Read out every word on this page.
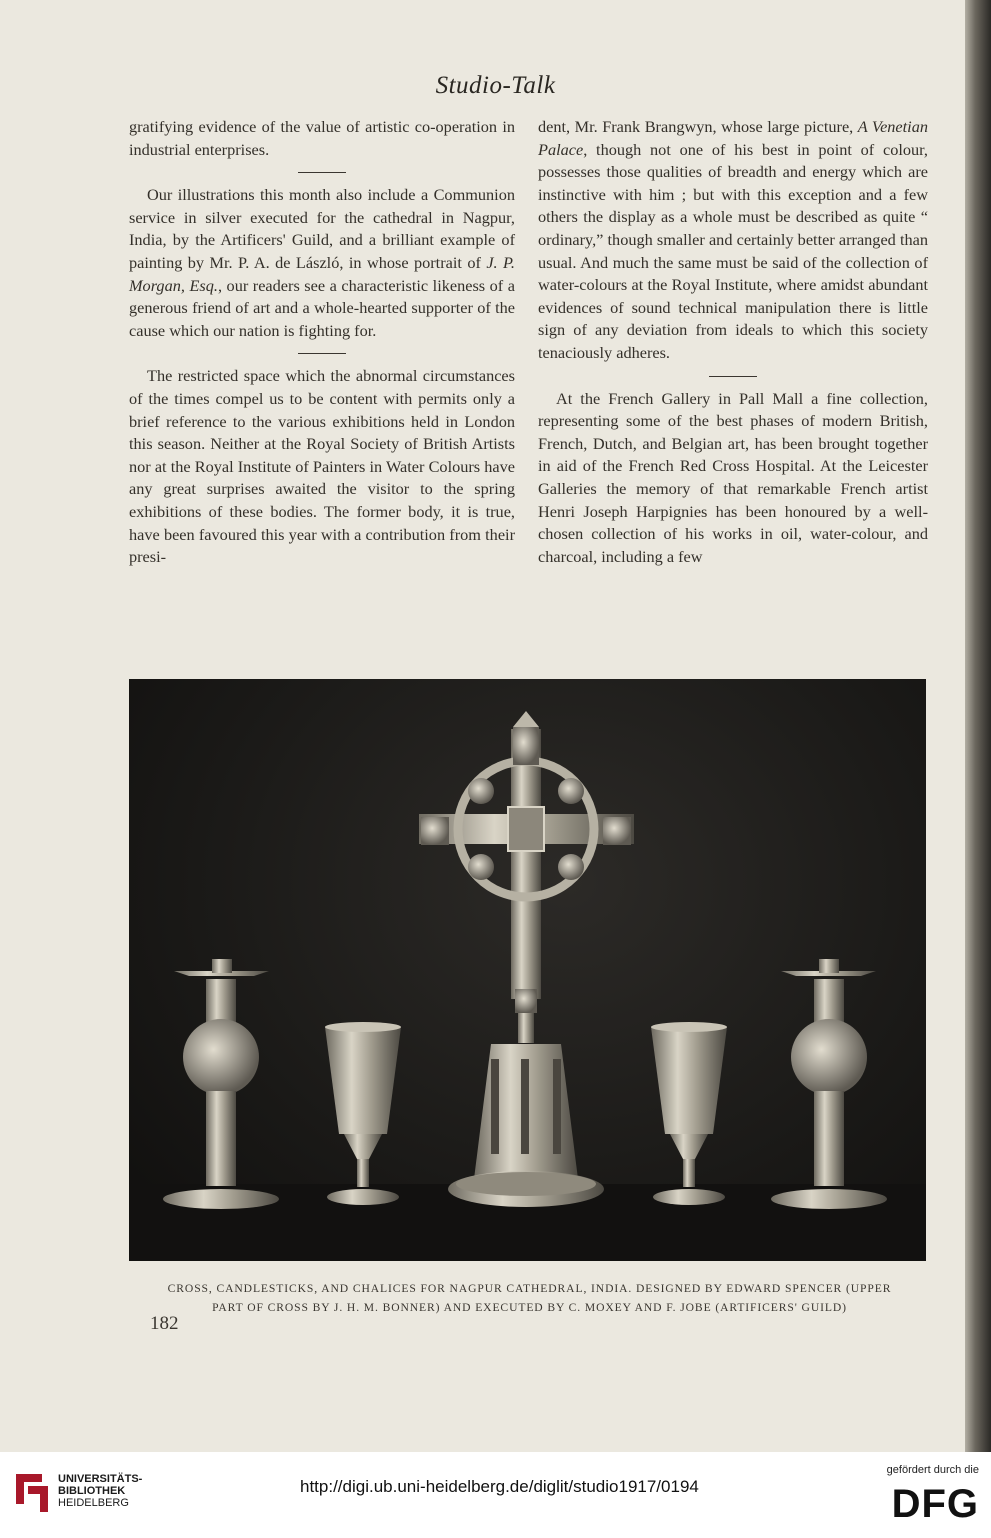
Studio-Talk

gratifying evidence of the value of artistic co-operation in industrial enterprises.

Our illustrations this month also include a Communion service in silver executed for the cathedral in Nagpur, India, by the Artificers' Guild, and a brilliant example of painting by Mr. P. A. de László, in whose portrait of J. P. Morgan, Esq., our readers see a characteristic likeness of a generous friend of art and a whole-hearted supporter of the cause which our nation is fighting for.

The restricted space which the abnormal circumstances of the times compel us to be content with permits only a brief reference to the various exhibitions held in London this season. Neither at the Royal Society of British Artists nor at the Royal Institute of Painters in Water Colours have any great surprises awaited the visitor to the spring exhibitions of these bodies. The former body, it is true, have been favoured this year with a contribution from their presi-

dent, Mr. Frank Brangwyn, whose large picture, A Venetian Palace, though not one of his best in point of colour, possesses those qualities of breadth and energy which are instinctive with him ; but with this exception and a few others the display as a whole must be described as quite “ ordinary,” though smaller and certainly better arranged than usual. And much the same must be said of the collection of water-colours at the Royal Institute, where amidst abundant evidences of sound technical manipulation there is little sign of any deviation from ideals to which this society tenaciously adheres.

At the French Gallery in Pall Mall a fine collection, representing some of the best phases of modern British, French, Dutch, and Belgian art, has been brought together in aid of the French Red Cross Hospital. At the Leicester Galleries the memory of that remarkable French artist Henri Joseph Harpignies has been honoured by a well-chosen collection of his works in oil, water-colour, and charcoal, including a few

CROSS, CANDLESTICKS, AND CHALICES FOR NAGPUR CATHEDRAL, INDIA. DESIGNED BY EDWARD SPENCER (UPPER
PART OF CROSS BY J. H. M. BONNER) AND EXECUTED BY C. MOXEY AND F. JOBE (ARTIFICERS' GUILD)
182
UNIVERSITÄTS-
BIBLIOTHEK
HEIDELBERG
http://digi.ub.uni-heidelberg.de/diglit/studio1917/0194
gefördert durch die
DFG
